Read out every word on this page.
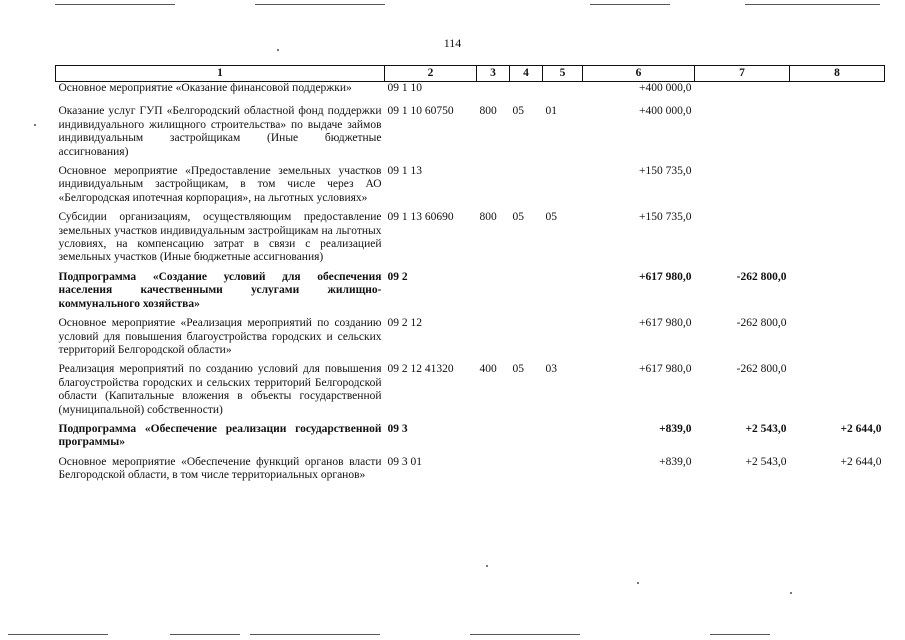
114
1	2	3	4	5	6	7	8
Основное мероприятие «Оказание финансовой поддержки»	09 1 10				+400 000,0		
Оказание услуг ГУП «Белгородский областной фонд поддержки индивидуального жилищного строительства» по выдаче займов индивидуальным застройщикам (Иные бюджетные ассигнования)	09 1 10 60750	800	05	01	+400 000,0		
Основное мероприятие «Предоставление земельных участков индивидуальным застройщикам, в том числе через АО «Белгородская ипотечная корпорация», на льготных условиях»	09 1 13				+150 735,0		
Субсидии организациям, осуществляющим предоставление земельных участков индивидуальным застройщикам на льготных условиях, на компенсацию затрат в связи с реализацией земельных участков (Иные бюджетные ассигнования)	09 1 13 60690	800	05	05	+150 735,0		
Подпрограмма «Создание условий для обеспечения населения качественными услугами жилищно-коммунального хозяйства»	09 2				+617 980,0	-262 800,0	
Основное мероприятие «Реализация мероприятий по созданию условий для повышения благоустройства городских и сельских территорий Белгородской области»	09 2 12				+617 980,0	-262 800,0	
Реализация мероприятий по созданию условий для повышения благоустройства городских и сельских территорий Белгородской области (Капитальные вложения в объекты государственной (муниципальной) собственности)	09 2 12 41320	400	05	03	+617 980,0	-262 800,0	
Подпрограмма «Обеспечение реализации государственной программы»	09 3				+839,0	+2 543,0	+2 644,0
Основное мероприятие «Обеспечение функций органов власти Белгородской области, в том числе территориальных органов»	09 3 01				+839,0	+2 543,0	+2 644,0
